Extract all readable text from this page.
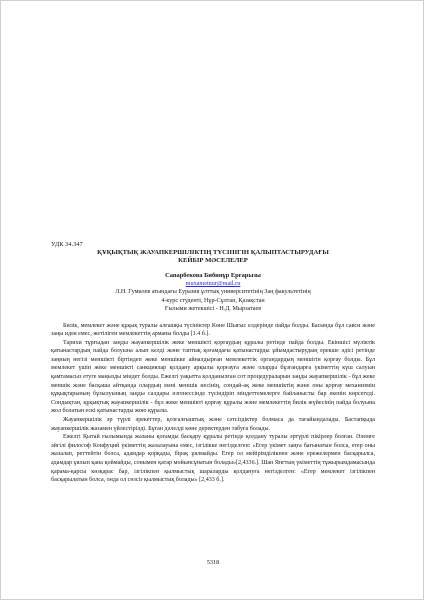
УДК 34.347
ҚҰҚЫҚТЫҚ ЖАУАПКЕРШІЛІКТІҢ ТҮСІНІГІН ҚАЛЫПТАСТЫРУДАҒЫ
КЕЙБІР МӘСЕЛЕЛЕР
Сапарбекова Бибинұр Ерғарызы
muxametnur@mail.ru
Л.Н. Гумилев атындағы Еуразия ұлттық университетінің Заң факультетінің
4-курс студенті, Нұр-Сұлтан, Қазақстан
Ғылыми жетекшісі - Н.Д. Мырзатаев

Билік, мемлекет және құқық туралы алғашқы түсініктер Көне Шығыс елдерінде пайда болды. Басында бұл савси және заңы идея емес, жетіліген мемлекеттің арманы болды [1.4 б.].

Тарихи тұрғыдан заңды жауапкершілік жеке меншікті қорғаудың құралы ретінде пайда болды. Екіншісі мүліктік қатынастардың пайда болуына алып келді және таптық қоғамдағы қатынастарды ұйымдастырудың ерекше әдісі ретінде заңның негізі меншікті біртіндеп жеке меншікке айналдырған мемлекеттік органдардың меншігін қорғау болды. Бұл мемлекет үшін жеке меншікті санкциялар қолдану арқылы қорғауға және оларды бұзғандарға үкіметтің күш салуын қамтамасыз етуге маңызды міндет болды. Ежелгі уақытта қолданылған сот процедураларын заңды жауапкершілік - бұл жеке меншік және басқаша айтқанда олардың мәні меншік иесінің, сондай-ақ жеке меншіктің және оны қорғау механизмін құқықтарының бұзылуының заңды салдары өзгенессінде түсіндіріп міндеттемелерге байланысты бар екенін көрсетеді. Сондықтан, құқықтық жауапкершілік - бұл жеке меншікті қорғау құралы және мемлекеттің билік жүйесінің пайда болуына жол болатын ескі қатынастарды жою құралы.

Жауапкершілік әр түрлі әрекеттер, қозғалғыштық және сәтсіздіктер болмаса да тағайындалады. Бастапқыда жауапкершілік жазамен үйлестірілді. Бұған дәлелді көне деректерден табуға болады.

Ежелгі Қытай ғылымында жазаны қоғамды басқару құралы ретінде қолдану туралы әртүрлі пікірлер болған. Әлемге әйгілі философ Конфуций үкіметтің жазалауына емес, ізгілікке негізделген: «Егер үкімет заңға бағынатын болса, егер оны жазалап, реттейтін болса, адамдар қорқады, бірақ ұялмайды. Егер ол мейірімділікпен және ережелермен басқарылса, адамдар ұялып қана қоймайды, сонымен қатар мойынсұнатын болады»[2,4336.]. Шан Янгтың үкіметтің тұжырымдамасында қарама-қарсы көзқарас бар, ізгілікпен қылмыстық шараларды қолдануға негізделген: «Егер мемлекет ізгілікпен басқарылатын болса, онда ол сөзсіз қылмыстық болады» [2,433 б.].

5318
